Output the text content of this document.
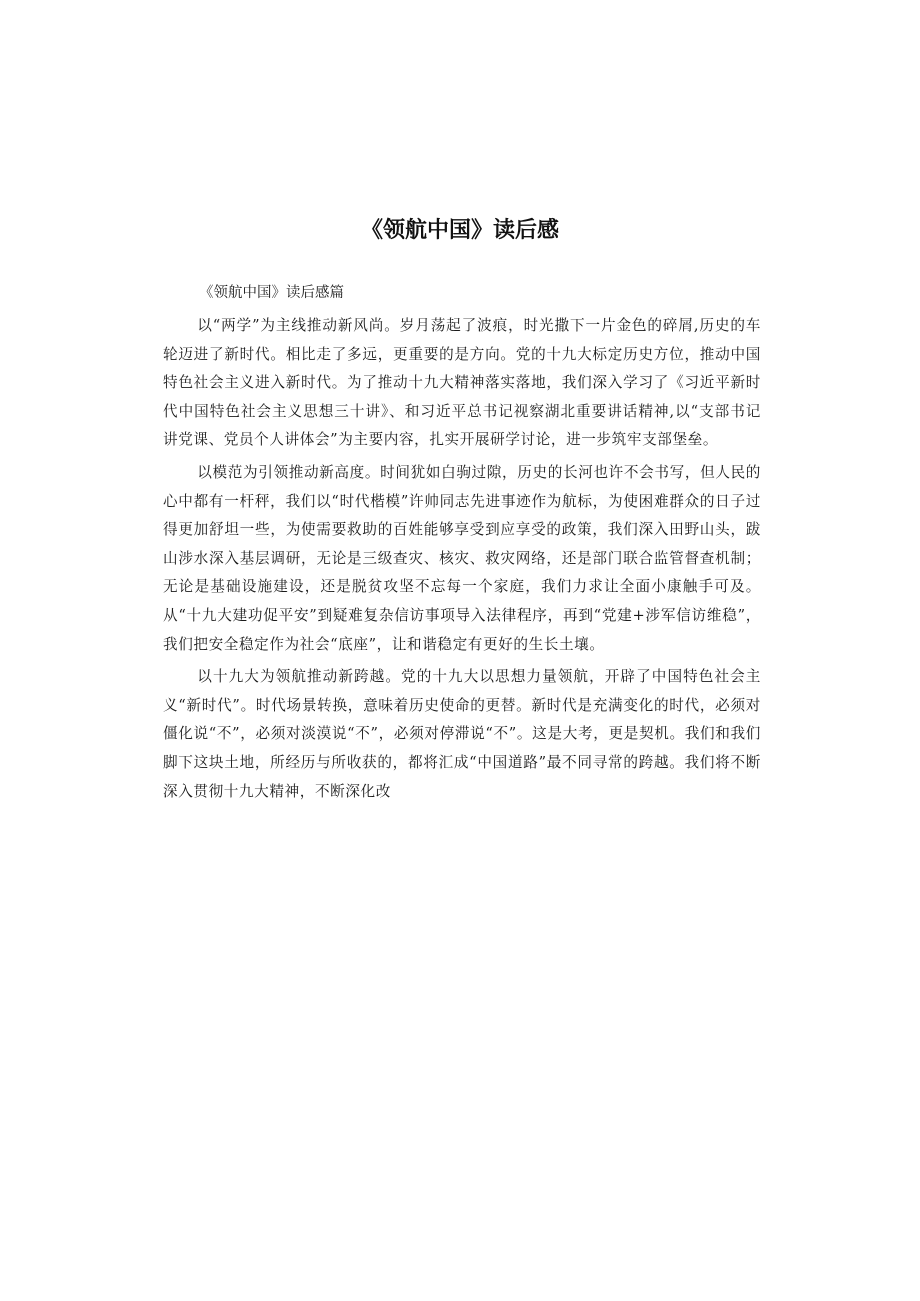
《领航中国》读后感

《领航中国》读后感篇

以“两学”为主线推动新风尚。岁月荡起了波痕，时光撒下一片金色的碎屑,历史的车轮迈进了新时代。相比走了多远，更重要的是方向。党的十九大标定历史方位，推动中国特色社会主义进入新时代。为了推动十九大精神落实落地，我们深入学习了《习近平新时代中国特色社会主义思想三十讲》、和习近平总书记视察湖北重要讲话精神,以“支部书记讲党课、党员个人讲体会”为主要内容，扎实开展研学讨论，进一步筑牢支部堡垒。

以模范为引领推动新高度。时间犹如白驹过隙，历史的长河也许不会书写，但人民的心中都有一杆秤，我们以“时代楷模”许帅同志先进事迹作为航标，为使困难群众的日子过得更加舒坦一些，为使需要救助的百姓能够享受到应享受的政策，我们深入田野山头，跋山涉水深入基层调研，无论是三级查灾、核灾、救灾网络，还是部门联合监管督查机制；无论是基础设施建设，还是脱贫攻坚不忘每一个家庭，我们力求让全面小康触手可及。从“十九大建功促平安”到疑难复杂信访事项导入法律程序，再到“党建+涉军信访维稳”，我们把安全稳定作为社会“底座”，让和谐稳定有更好的生长土壤。

以十九大为领航推动新跨越。党的十九大以思想力量领航，开辟了中国特色社会主义“新时代”。时代场景转换，意味着历史使命的更替。新时代是充满变化的时代，必须对僵化说“不”，必须对淡漠说“不”，必须对停滞说“不”。这是大考，更是契机。我们和我们脚下这块土地，所经历与所收获的，都将汇成“中国道路”最不同寻常的跨越。我们将不断深入贯彻十九大精神，不断深化改
